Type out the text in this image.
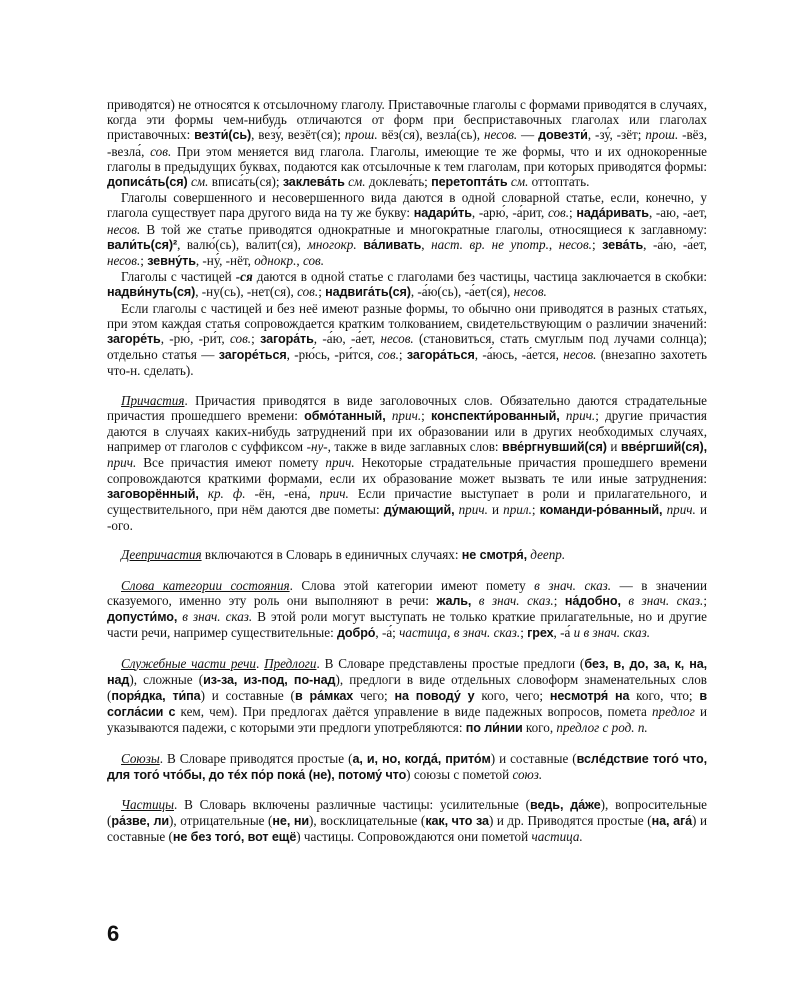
приводятся) не относятся к отсылочному глаголу. Приставочные глаголы с формами приводятся в случаях, когда эти формы чем-нибудь отличаются от форм при бесприставочных глаголах или глаголах приставочных: везти́(сь), везу́, везёт(ся); прош. вёз(ся), везла́(сь), несов. — довезти́, -зу́, -зёт; прош. -вёз, -везла́, сов. При этом меняется вид глагола. Глаголы, имеющие те же формы, что и их однокоренные глаголы в предыдущих буквах, подаются как отсылочные к тем глаголам, при которых приводятся формы: дописа́ть(ся) см. вписа́ть(ся); заклева́ть см. доклева́ть; перетопта́ть см. оттопта́ть.

Глаголы совершенного и несовершенного вида даются в одной словарной статье, если, конечно, у глагола существует пара другого вида на ту же букву: надари́ть, -арю́, -а́рит, сов.; надáривать, -аю, -ает, несов. В той же статье приводятся однократные и многократные глаголы, относящиеся к заглавному: вали́ть(ся)², валю́(сь), ва́лит(ся), многокр. ва́ливать, наст. вр. не употр., несов.; зева́ть, -а́ю, -а́ет, несов.; зевну́ть, -ну́, -нёт, однокр., сов.

Глаголы с частицей -ся даются в одной статье с глаголами без частицы, частица заключается в скобки: надви́нуть(ся), -ну(сь), -нет(ся), сов.; надвига́ть(ся), -а́ю(сь), -а́ет(ся), несов.

Если глаголы с частицей и без неё имеют разные формы, то обычно они приводятся в разных статьях, при этом каждая статья сопровождается кратким толкованием, свидетельствующим о различии значений: загоре́ть, -рю́, -ри́т, сов.; загора́ть, -а́ю, -а́ет, несов. (становиться, стать смуглым под лучами солнца); отдельно статья — загоре́ться, -рю́сь, -ри́тся, сов.; загора́ться, -а́юсь, -а́ется, несов. (внезапно захотеть что-н. сделать).

Причастия. Причастия приводятся в виде заголовочных слов. Обязательно даются страдательные причастия прошедшего времени: обмо́танный, прич.; конспекти́рованный, прич.; другие причастия даются в случаях каких-нибудь затруднений при их образовании или в других необходимых случаях, например от глаголов с суффиксом -ну-, также в виде заглавных слов: вве́ргнувший(ся) и вве́ргший(ся), прич. Все причастия имеют помету прич. Некоторые страдательные причастия прошедшего времени сопровождаются краткими формами, если их образование может вызвать те или иные затруднения: заговорённый, кр. ф. -ён, -ена́, прич. Если причастие выступает в роли и прилагательного, и существительного, при нём даются две пометы: ду́мающий, прич. и прил.; команди-ро́ванный, прич. и -ого.

Деепричастия включаются в Словарь в единичных случаях: не смотря́, деепр.

Слова категории состояния. Слова этой категории имеют помету в знач. сказ. — в значении сказуемого, именно эту роль они выполняют в речи: жаль, в знач. сказ.; на́добно, в знач. сказ.; допусти́мо, в знач. сказ. В этой роли могут выступать не только краткие прилагательные, но и другие части речи, например существительные: добро́, -а́; частица, в знач. сказ.; грех, -а́ и в знач. сказ.

Служебные части речи. Предлоги. В Словаре представлены простые предлоги (без, в, до, за, к, на, над), сложные (из-за, из-под, по-над), предлоги в виде отдельных словоформ знаменательных слов (поря́дка, ти́па) и составные (в ра́мках чего; на поводу́ у кого, чего; несмотря́ на кого, что; в согла́сии с кем, чем). При предлогах даётся управление в виде падежных вопросов, помета предлог и указываются падежи, с которыми эти предлоги употребляются: по ли́нии кого, предлог с род. п.

Союзы. В Словаре приводятся простые (а, и, но, когда́, прито́м) и составные (вслéдствие того́ что, для того́ что́бы, до тéх по́р пока́ (не), потому́ что) союзы с пометой союз.

Частицы. В Словарь включены различные частицы: усилительные (ведь, да́же), вопросительные (ра́зве, ли), отрицательные (не, ни), восклицательные (как, что за) и др. Приводятся простые (на, ага́) и составные (не без того́, вот ещё) частицы. Сопровождаются они пометой частица.

6
